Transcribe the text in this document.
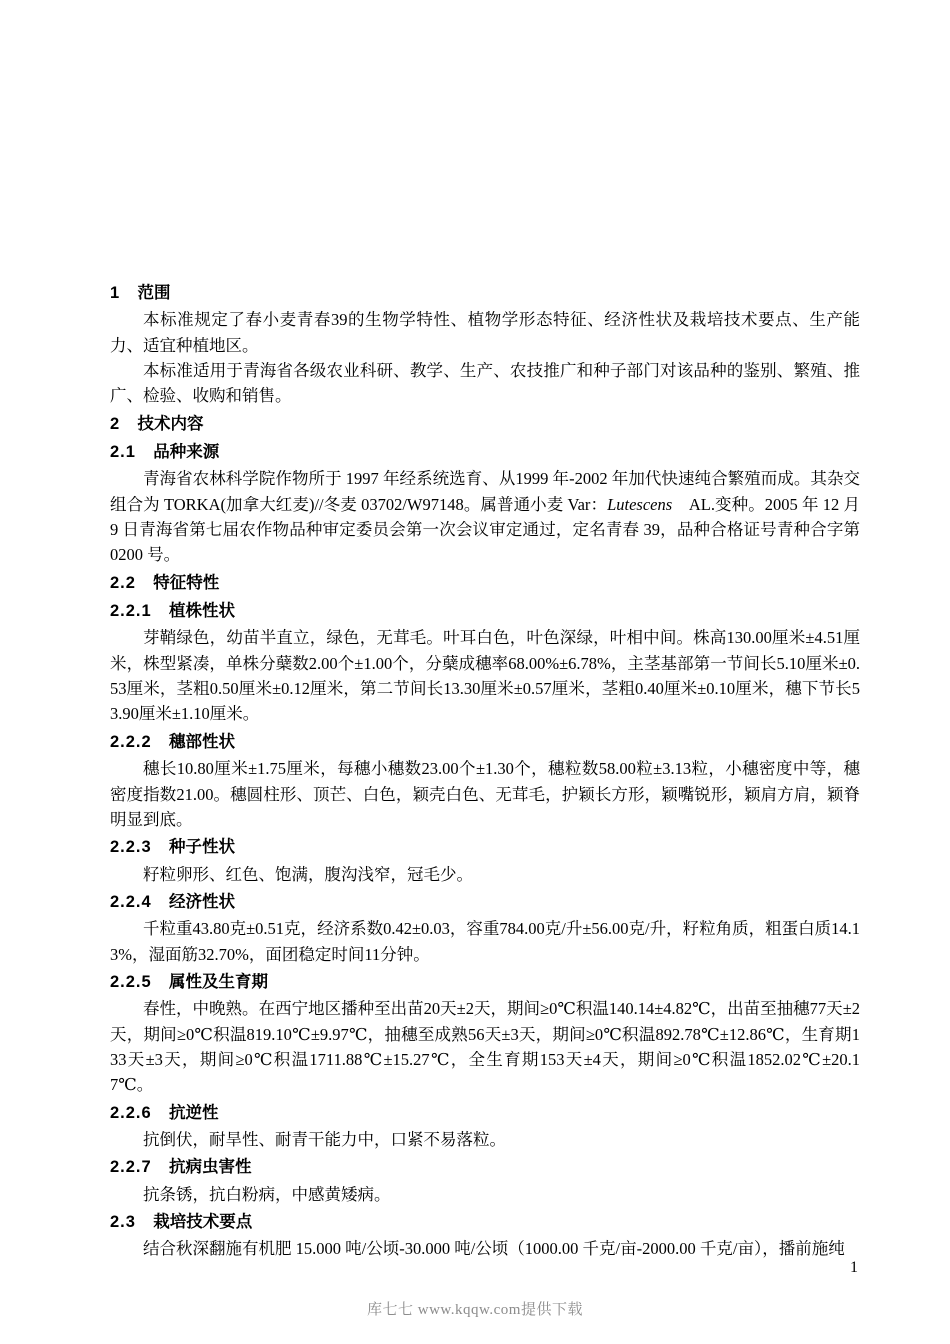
1 范围

本标准规定了春小麦青春39的生物学特性、植物学形态特征、经济性状及栽培技术要点、生产能力、适宜种植地区。

本标准适用于青海省各级农业科研、教学、生产、农技推广和种子部门对该品种的鉴别、繁殖、推广、检验、收购和销售。

2 技术内容
2.1 品种来源

青海省农林科学院作物所于 1997 年经系统选育、从1999 年-2002 年加代快速纯合繁殖而成。其杂交组合为 TORKA(加拿大红麦)//冬麦 03702/W97148。属普通小麦 Var：Lutescens　AL.变种。2005 年 12 月 9 日青海省第七届农作物品种审定委员会第一次会议审定通过，定名青春 39，品种合格证号青种合字第 0200 号。

2.2 特征特性
2.2.1 植株性状

芽鞘绿色，幼苗半直立，绿色，无茸毛。叶耳白色，叶色深绿，叶相中间。株高130.00厘米±4.51厘米，株型紧凑，单株分蘖数2.00个±1.00个，分蘖成穗率68.00%±6.78%，主茎基部第一节间长5.10厘米±0.53厘米，茎粗0.50厘米±0.12厘米，第二节间长13.30厘米±0.57厘米，茎粗0.40厘米±0.10厘米，穗下节长53.90厘米±1.10厘米。

2.2.2 穗部性状

穗长10.80厘米±1.75厘米，每穗小穗数23.00个±1.30个，穗粒数58.00粒±3.13粒，小穗密度中等，穗密度指数21.00。穗圆柱形、顶芒、白色，颖壳白色、无茸毛，护颖长方形，颖嘴锐形，颖肩方肩，颖脊明显到底。

2.2.3 种子性状

籽粒卵形、红色、饱满，腹沟浅窄，冠毛少。

2.2.4 经济性状

千粒重43.80克±0.51克，经济系数0.42±0.03，容重784.00克/升±56.00克/升，籽粒角质，粗蛋白质14.13%，湿面筋32.70%，面团稳定时间11分钟。

2.2.5 属性及生育期

春性，中晚熟。在西宁地区播种至出苗20天±2天，期间≥0℃积温140.14±4.82℃，出苗至抽穗77天±2天，期间≥0℃积温819.10℃±9.97℃，抽穗至成熟56天±3天，期间≥0℃积温892.78℃±12.86℃，生育期133天±3天，期间≥0℃积温1711.88℃±15.27℃，全生育期153天±4天，期间≥0℃积温1852.02℃±20.17℃。

2.2.6 抗逆性

抗倒伏，耐旱性、耐青干能力中，口紧不易落粒。

2.2.7 抗病虫害性

抗条锈，抗白粉病，中感黄矮病。

2.3 栽培技术要点

结合秋深翻施有机肥 15.000 吨/公顷-30.000 吨/公顷（1000.00 千克/亩-2000.00 千克/亩），播前施纯

1
库七七 www.kqqw.com提供下载
